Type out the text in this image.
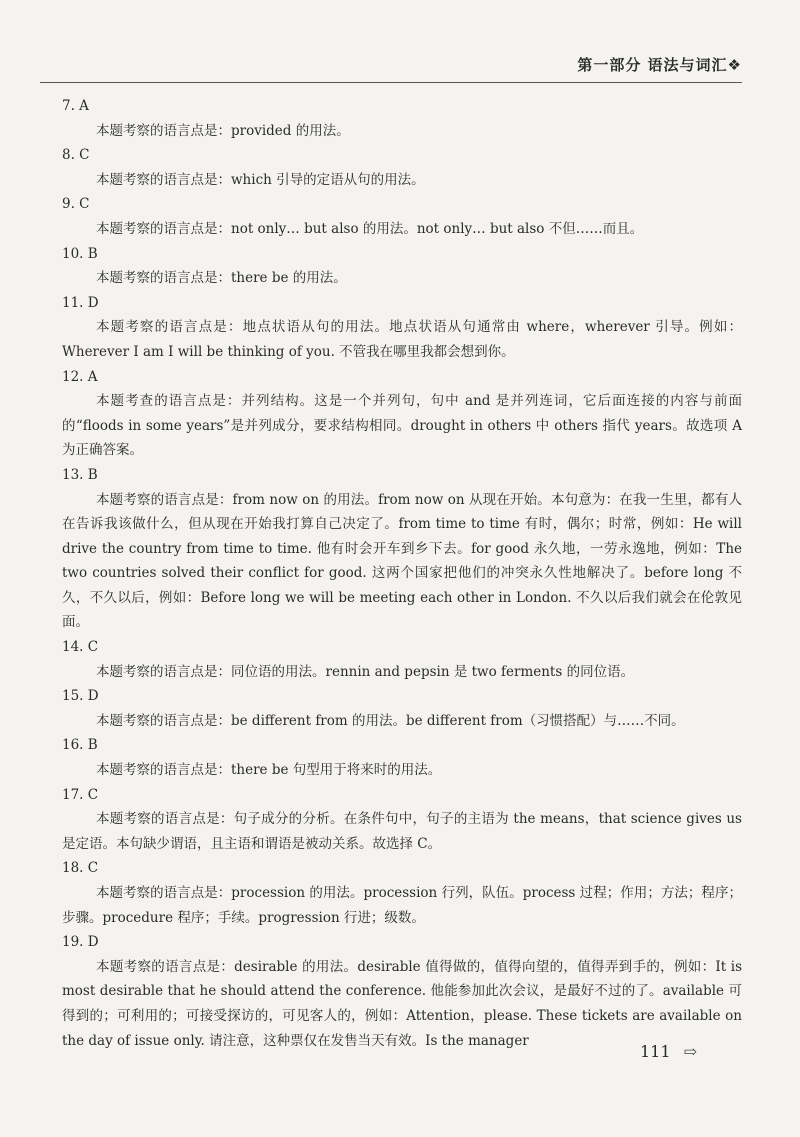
第一部分 语法与词汇❖

7. A

本题考察的语言点是：provided 的用法。

8. C

本题考察的语言点是：which 引导的定语从句的用法。

9. C

本题考察的语言点是：not only… but also 的用法。not only… but also 不但……而且。

10. B

本题考察的语言点是：there be 的用法。

11. D

本题考察的语言点是：地点状语从句的用法。地点状语从句通常由 where，wherever 引导。例如：Wherever I am I will be thinking of you. 不管我在哪里我都会想到你。

12. A

本题考查的语言点是：并列结构。这是一个并列句，句中 and 是并列连词，它后面连接的内容与前面的“floods in some years”是并列成分，要求结构相同。drought in others 中 others 指代 years。故选项 A 为正确答案。

13. B

本题考察的语言点是：from now on 的用法。from now on 从现在开始。本句意为：在我一生里，都有人在告诉我该做什么，但从现在开始我打算自己决定了。from time to time 有时，偶尔；时常，例如：He will drive the country from time to time. 他有时会开车到乡下去。for good 永久地，一劳永逸地，例如：The two countries solved their conflict for good. 这两个国家把他们的冲突永久性地解决了。before long 不久，不久以后，例如：Before long we will be meeting each other in London. 不久以后我们就会在伦敦见面。

14. C

本题考察的语言点是：同位语的用法。rennin and pepsin 是 two ferments 的同位语。

15. D

本题考察的语言点是：be different from 的用法。be different from（习惯搭配）与……不同。

16. B

本题考察的语言点是：there be 句型用于将来时的用法。

17. C

本题考察的语言点是：句子成分的分析。在条件句中，句子的主语为 the means，that science gives us 是定语。本句缺少谓语，且主语和谓语是被动关系。故选择 C。

18. C

本题考察的语言点是：procession 的用法。procession 行列，队伍。process 过程；作用；方法；程序；步骤。procedure 程序；手续。progression 行进；级数。

19. D

本题考察的语言点是：desirable 的用法。desirable 值得做的，值得向望的，值得弄到手的，例如：It is most desirable that he should attend the conference. 他能参加此次会议，是最好不过的了。available 可得到的；可利用的；可接受探访的，可见客人的，例如：Attention，please. These tickets are available on the day of issue only. 请注意，这种票仅在发售当天有效。Is the manager

111 ⇨
